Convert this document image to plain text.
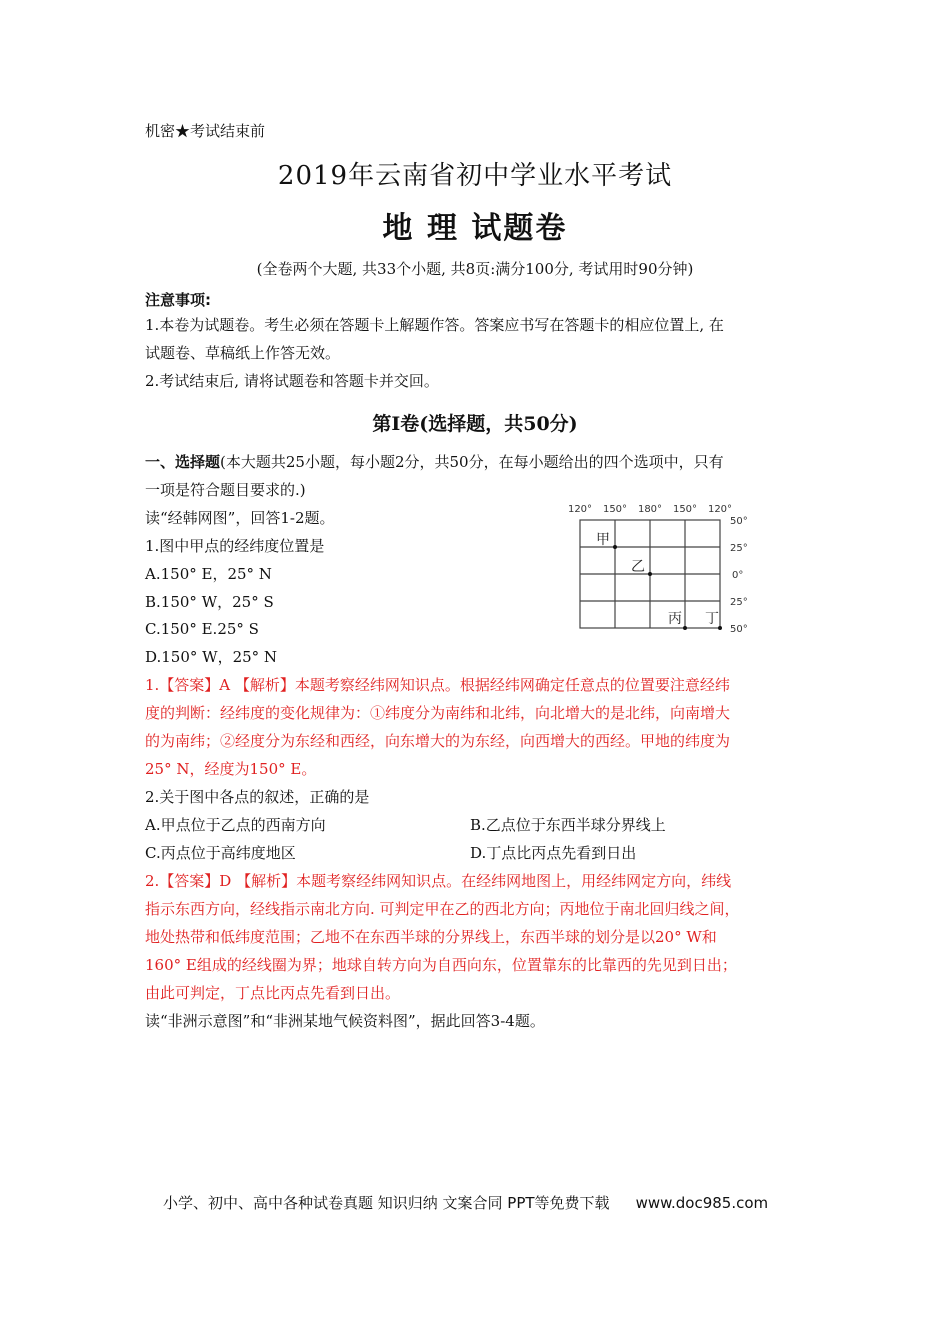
机密★考试结束前
2019年云南省初中学业水平考试
地 理 试题卷
(全卷两个大题, 共33个小题, 共8页:满分100分, 考试用时90分钟)
注意事项:
1.本卷为试题卷。考生必须在答题卡上解题作答。答案应书写在答题卡的相应位置上, 在
试题卷、草稿纸上作答无效。
2.考试结束后, 请将试题卷和答题卡并交回。
第Ⅰ卷(选择题，共50分)
一、选择题(本大题共25小题，每小题2分，共50分，在每小题给出的四个选项中，只有
一项是符合题目要求的.)
读“经韩网图”，回答1-2题。
1.图中甲点的经纬度位置是
A.150° E，25° N
B.150° W，25° S
C.150° E.25° S
D.150° W，25° N
1.【答案】A 【解析】本题考察经纬网知识点。根据经纬网确定任意点的位置要注意经纬
度的判断：经纬度的变化规律为：①纬度分为南纬和北纬，向北增大的是北纬，向南增大
的为南纬；②经度分为东经和西经，向东增大的为东经，向西增大的西经。甲地的纬度为
25° N，经度为150° E。
2.关于图中各点的叙述，正确的是
A.甲点位于乙点的西南方向	B.乙点位于东西半球分界线上
C.丙点位于高纬度地区	D.丁点比丙点先看到日出
2.【答案】D 【解析】本题考察经纬网知识点。在经纬网地图上，用经纬网定方向，纬线
指示东西方向，经线指示南北方向. 可判定甲在乙的西北方向；丙地位于南北回归线之间，
地处热带和低纬度范围；乙地不在东西半球的分界线上，东西半球的划分是以20° W和
160° E组成的经线圈为界；地球自转方向为自西向东，位置靠东的比靠西的先见到日出；
由此可判定，丁点比丙点先看到日出。
读“非洲示意图”和“非洲某地气候资料图”，据此回答3-4题。
120° 150° 180° 150° 120°
50°
25°
0°
25°
50°
甲
乙
丙 丁
小学、初中、高中各种试卷真题 知识归纳 文案合同 PPT等免费下载 www.doc985.com
